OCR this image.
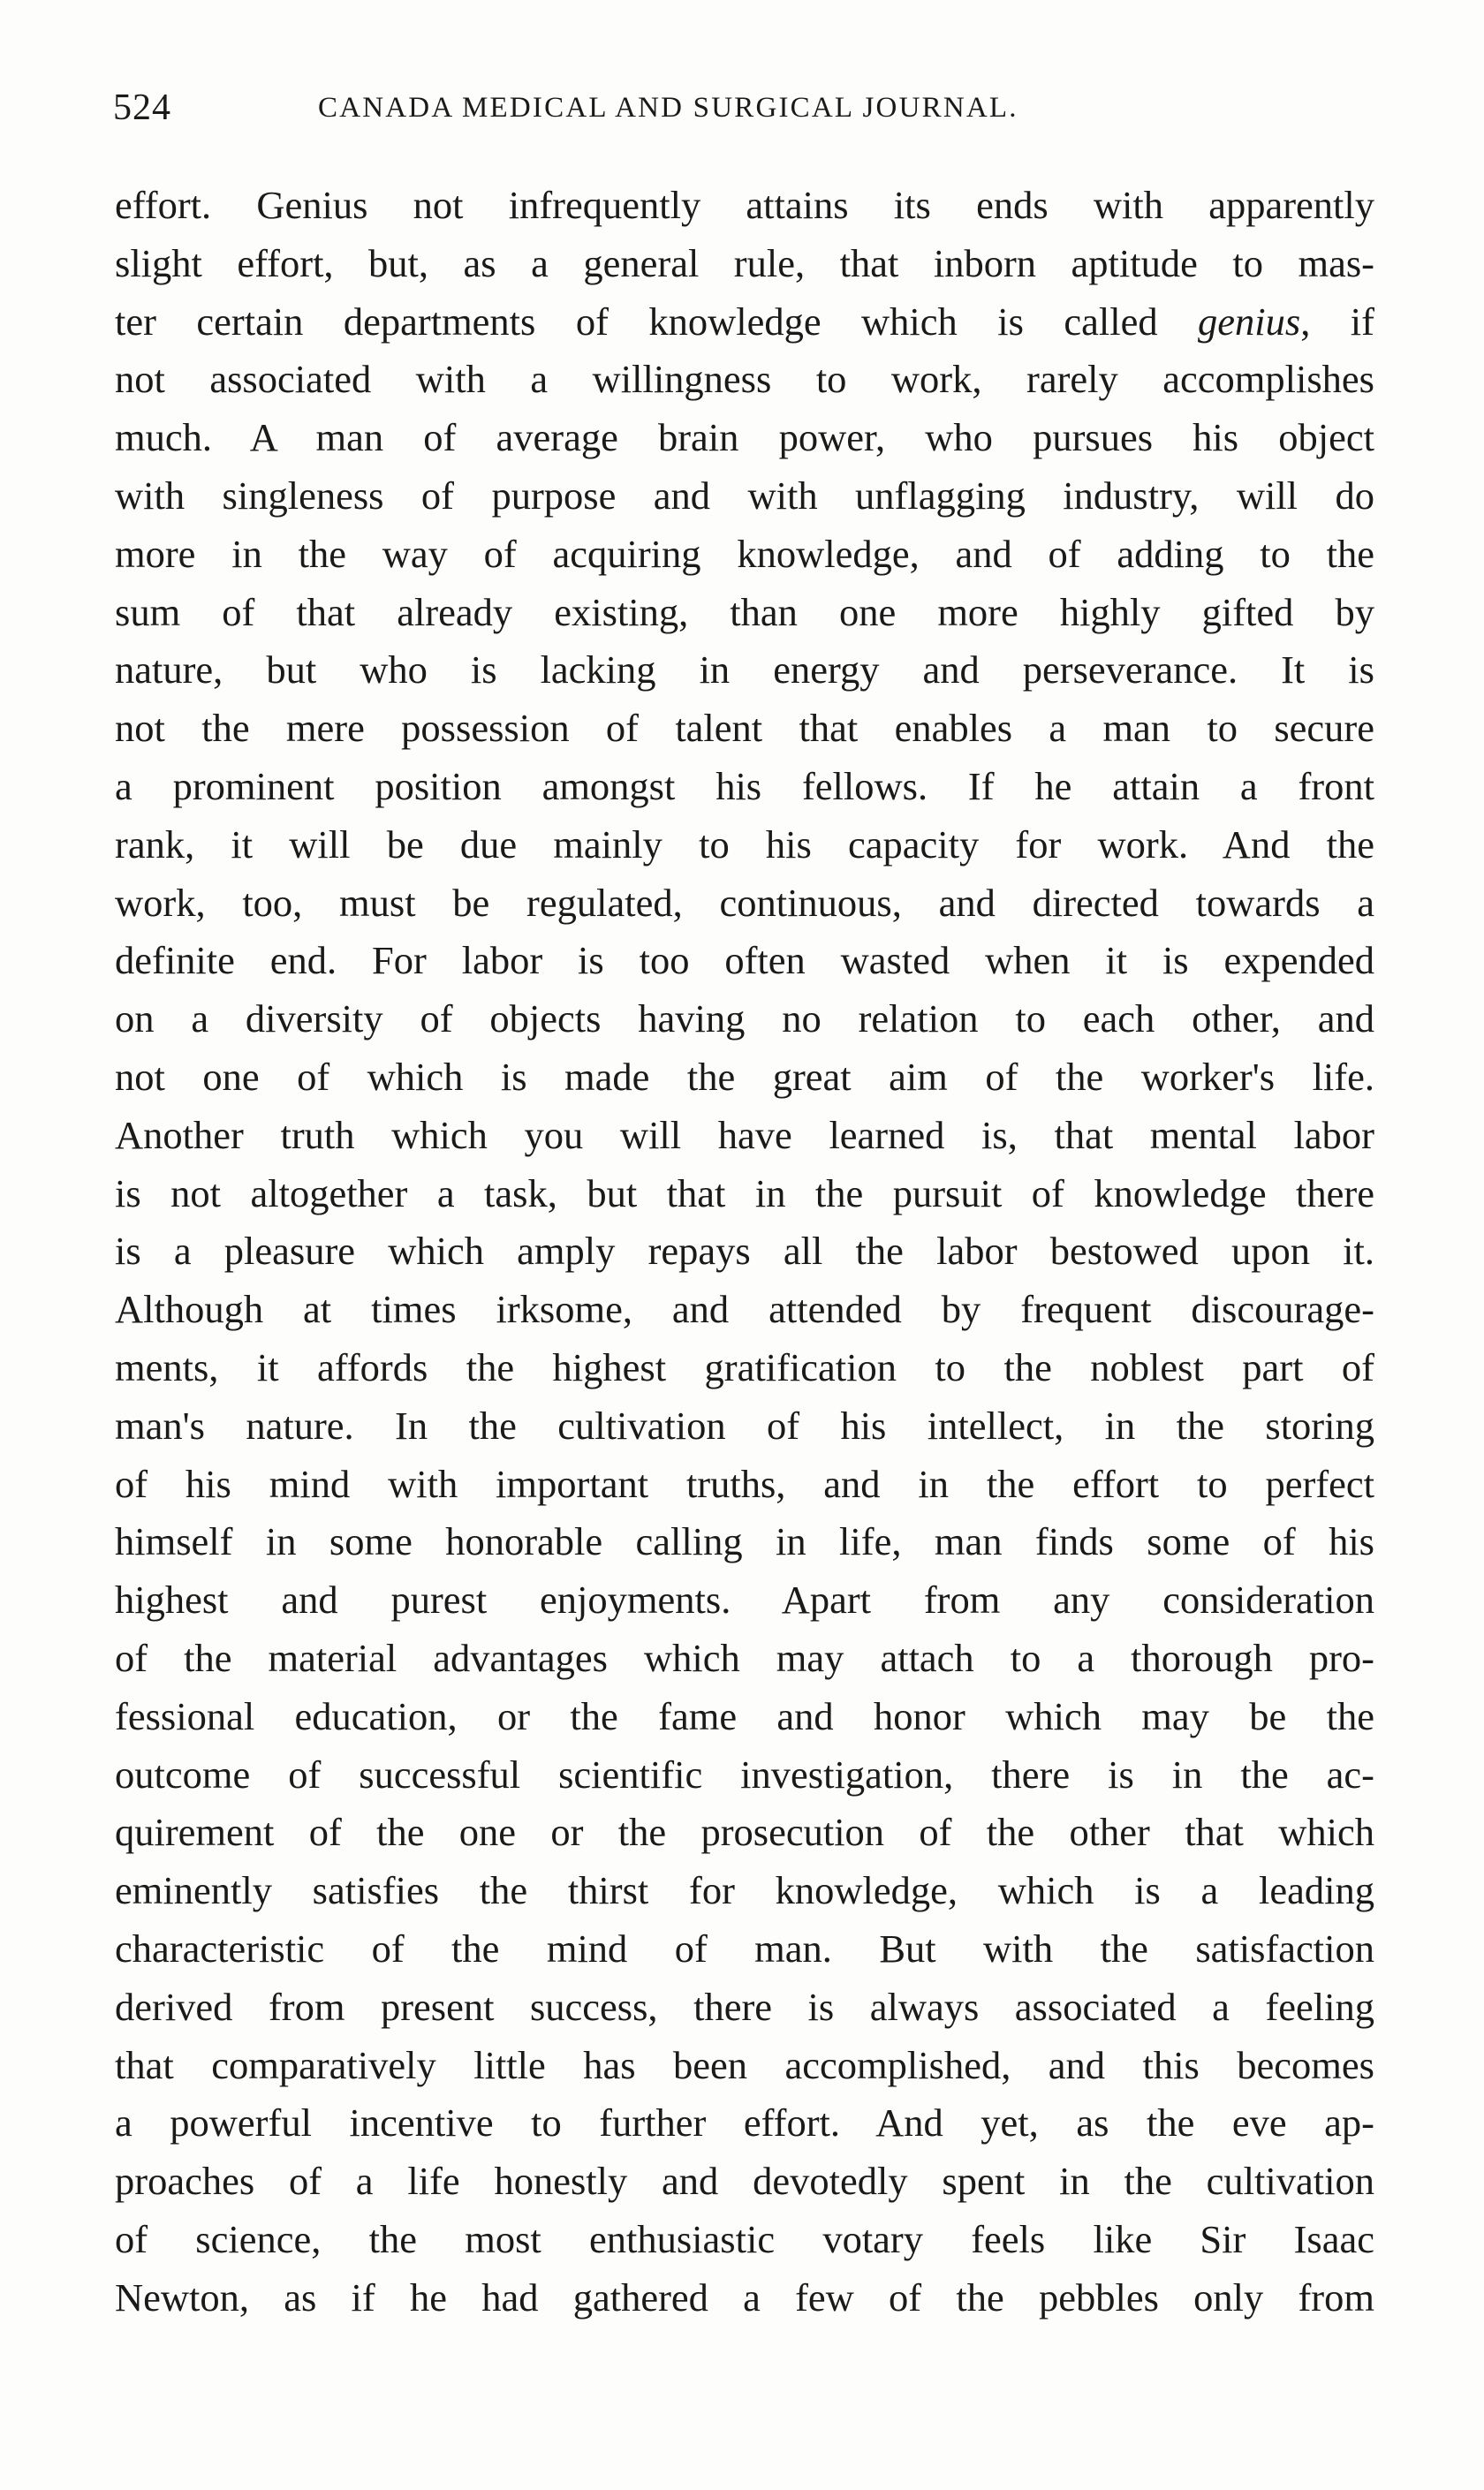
524	CANADA MEDICAL AND SURGICAL JOURNAL.
effort. Genius not infrequently attains its ends with apparently
slight effort, but, as a general rule, that inborn aptitude to mas-
ter certain departments of knowledge which is called genius, if
not associated with a willingness to work, rarely accomplishes
much. A man of average brain power, who pursues his object
with singleness of purpose and with unflagging industry, will do
more in the way of acquiring knowledge, and of adding to the
sum of that already existing, than one more highly gifted by
nature, but who is lacking in energy and perseverance. It is
not the mere possession of talent that enables a man to secure
a prominent position amongst his fellows. If he attain a front
rank, it will be due mainly to his capacity for work. And the
work, too, must be regulated, continuous, and directed towards a
definite end. For labor is too often wasted when it is expended
on a diversity of objects having no relation to each other, and
not one of which is made the great aim of the worker's life.
Another truth which you will have learned is, that mental labor
is not altogether a task, but that in the pursuit of knowledge there
is a pleasure which amply repays all the labor bestowed upon it.
Although at times irksome, and attended by frequent discourage-
ments, it affords the highest gratification to the noblest part of
man's nature. In the cultivation of his intellect, in the storing
of his mind with important truths, and in the effort to perfect
himself in some honorable calling in life, man finds some of his
highest and purest enjoyments. Apart from any consideration
of the material advantages which may attach to a thorough pro-
fessional education, or the fame and honor which may be the
outcome of successful scientific investigation, there is in the ac-
quirement of the one or the prosecution of the other that which
eminently satisfies the thirst for knowledge, which is a leading
characteristic of the mind of man. But with the satisfaction
derived from present success, there is always associated a feeling
that comparatively little has been accomplished, and this becomes
a powerful incentive to further effort. And yet, as the eve ap-
proaches of a life honestly and devotedly spent in the cultivation
of science, the most enthusiastic votary feels like Sir Isaac
Newton, as if he had gathered a few of the pebbles only from
